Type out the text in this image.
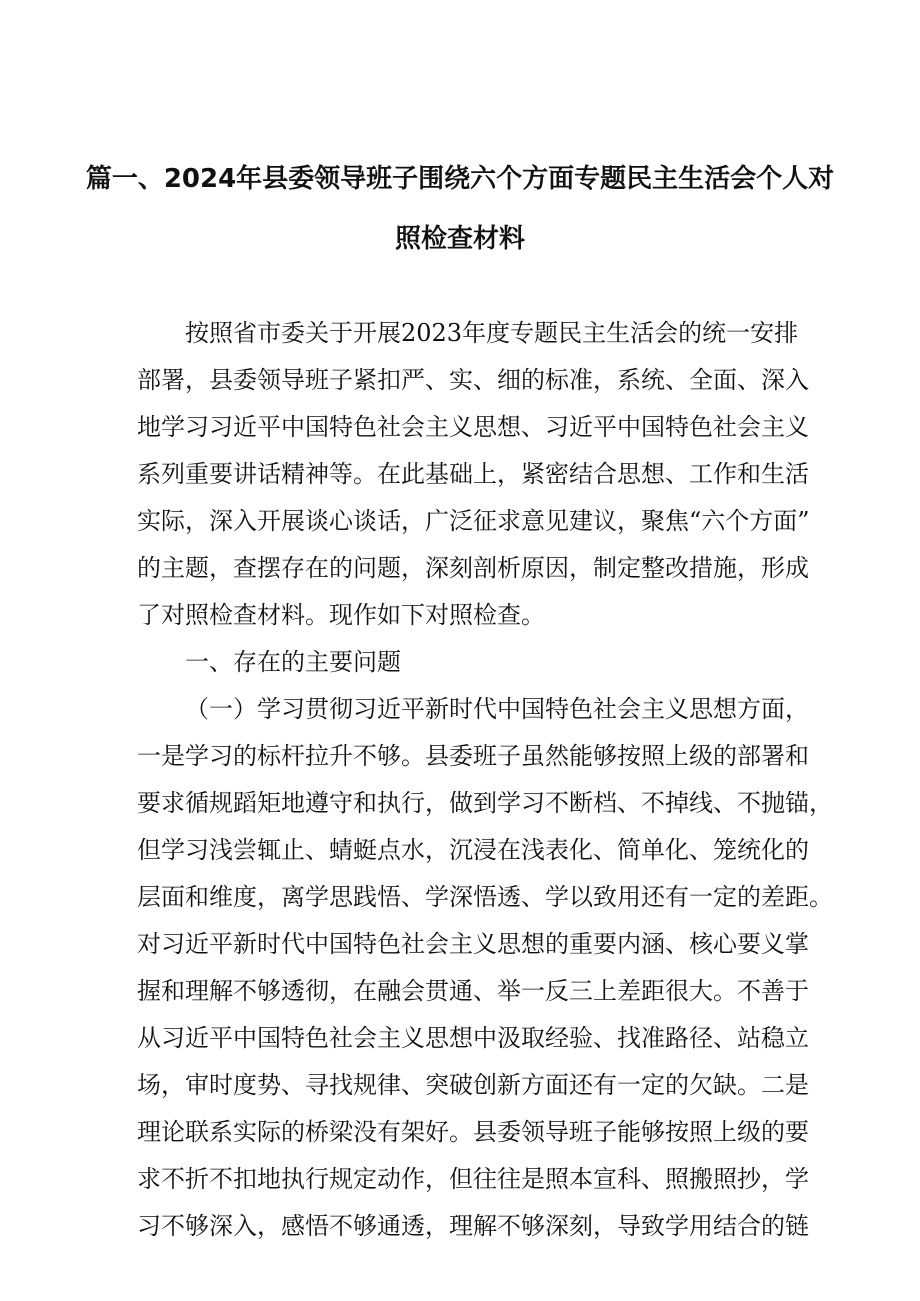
篇一、2024年县委领导班子围绕六个方面专题民主生活会个人对
照检查材料
按照省市委关于开展2023年度专题民主生活会的统一安排
部署，县委领导班子紧扣严、实、细的标准，系统、全面、深入
地学习习近平中国特色社会主义思想、习近平中国特色社会主义
系列重要讲话精神等。在此基础上，紧密结合思想、工作和生活
实际，深入开展谈心谈话，广泛征求意见建议，聚焦“六个方面”
的主题，查摆存在的问题，深刻剖析原因，制定整改措施，形成
了对照检查材料。现作如下对照检查。
一、存在的主要问题
（一）学习贯彻习近平新时代中国特色社会主义思想方面，
一是学习的标杆拉升不够。县委班子虽然能够按照上级的部署和
要求循规蹈矩地遵守和执行，做到学习不断档、不掉线、不抛锚，
但学习浅尝辄止、蜻蜓点水，沉浸在浅表化、简单化、笼统化的
层面和维度，离学思践悟、学深悟透、学以致用还有一定的差距。
对习近平新时代中国特色社会主义思想的重要内涵、核心要义掌
握和理解不够透彻，在融会贯通、举一反三上差距很大。不善于
从习近平中国特色社会主义思想中汲取经验、找准路径、站稳立
场，审时度势、寻找规律、突破创新方面还有一定的欠缺。二是
理论联系实际的桥梁没有架好。县委领导班子能够按照上级的要
求不折不扣地执行规定动作，但往往是照本宣科、照搬照抄，学
习不够深入，感悟不够通透，理解不够深刻，导致学用结合的链
